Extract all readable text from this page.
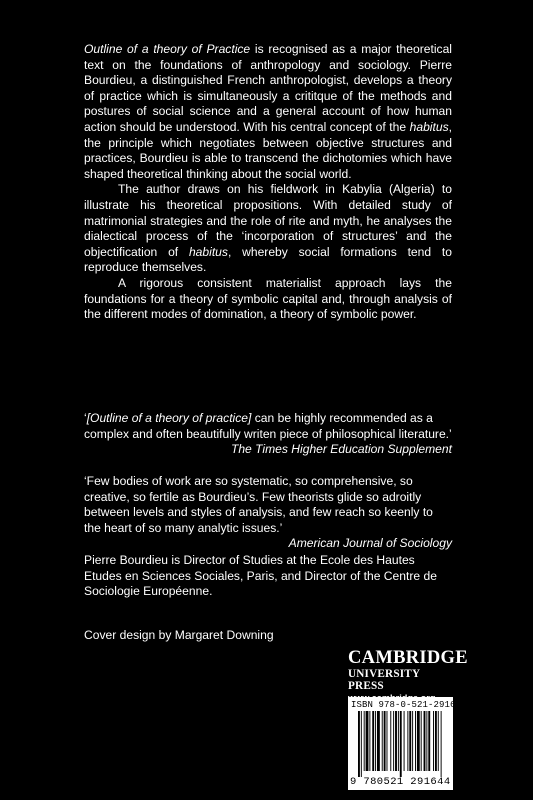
Outline of a theory of Practice is recognised as a major theoretical text on the foundations of anthropology and sociology. Pierre Bourdieu, a distinguished French anthropologist, develops a theory of practice which is simultaneously a crititque of the methods and postures of social science and a general account of how human action should be understood. With his central concept of the habitus, the principle which negotiates between objective structures and practices, Bourdieu is able to transcend the dichotomies which have shaped theoretical thinking about the social world.

The author draws on his fieldwork in Kabylia (Algeria) to illustrate his theoretical propositions. With detailed study of matrimonial strategies and the role of rite and myth, he analyses the dialectical process of the ‘incorporation of structures’ and the objectification of habitus, whereby social formations tend to reproduce themselves.

A rigorous consistent materialist approach lays the foundations for a theory of symbolic capital and, through analysis of the different modes of domination, a theory of symbolic power.

‘[Outline of a theory of practice] can be highly recommended as a complex and often beautifully writen piece of philosophical literature.’

The Times Higher Education Supplement

‘Few bodies of work are so systematic, so comprehensive, so creative, so fertile as Bourdieu’s. Few theorists glide so adroitly between levels and styles of analysis, and few reach so keenly to the heart of so many analytic issues.’

American Journal of Sociology

Pierre Bourdieu is Director of Studies at the Ecole des Hautes Etudes en Sciences Sociales, Paris, and Director of the Centre de Sociologie Européenne.

Cover design by Margaret Downing
CAMBRIDGE
UNIVERSITY PRESS
ISBN 978-0-521-29164-4
9 780521 291644
